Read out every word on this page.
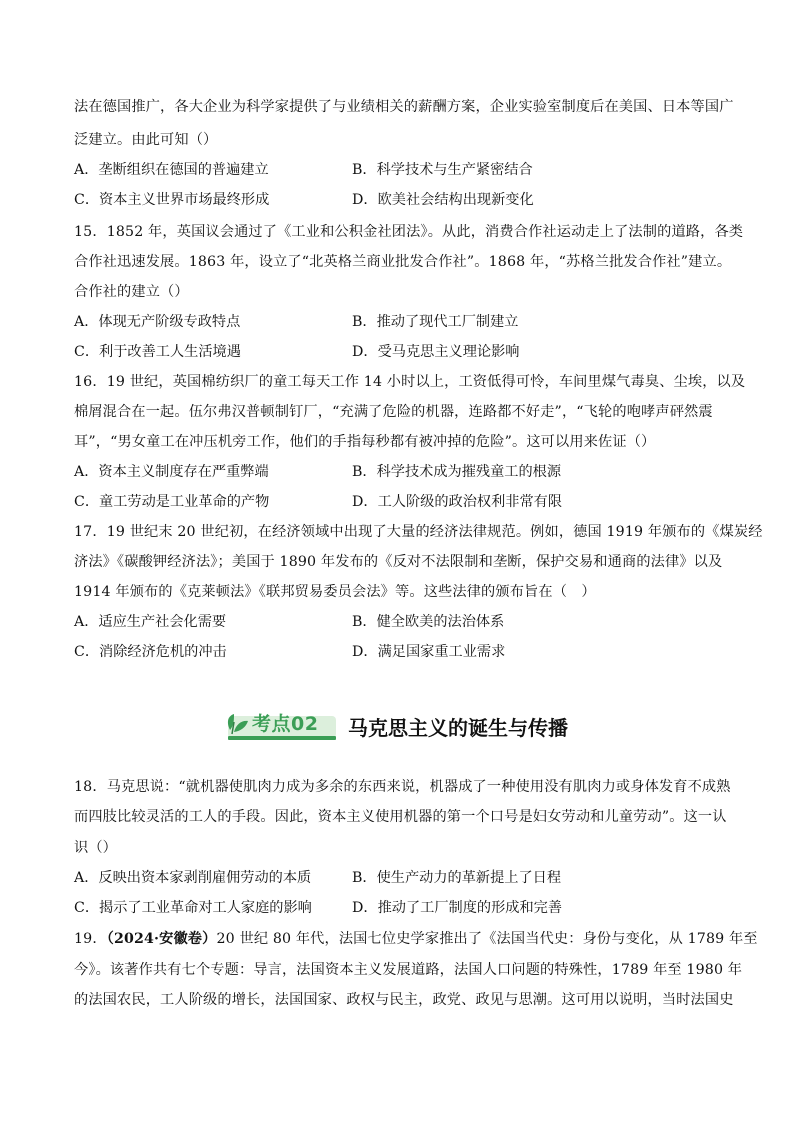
法在德国推广，各大企业为科学家提供了与业绩相关的薪酬方案，企业实验室制度后在美国、日本等国广
泛建立。由此可知（）
A．垄断组织在德国的普遍建立	B．科学技术与生产紧密结合
C．资本主义世界市场最终形成	D．欧美社会结构出现新变化
15．1852 年，英国议会通过了《工业和公积金社团法》。从此，消费合作社运动走上了法制的道路，各类
合作社迅速发展。1863 年，设立了“北英格兰商业批发合作社”。1868 年，“苏格兰批发合作社”建立。
合作社的建立（）
A．体现无产阶级专政特点	B．推动了现代工厂制建立
C．利于改善工人生活境遇	D．受马克思主义理论影响
16．19 世纪，英国棉纺织厂的童工每天工作 14 小时以上，工资低得可怜，车间里煤气毒臭、尘埃，以及
棉屑混合在一起。伍尔弗汉普顿制钉厂，“充满了危险的机器，连路都不好走”，“飞轮的咆哮声砰然震
耳”，“男女童工在冲压机旁工作，他们的手指每秒都有被冲掉的危险”。这可以用来佐证（）
A．资本主义制度存在严重弊端	B．科学技术成为摧残童工的根源
C．童工劳动是工业革命的产物	D．工人阶级的政治权利非常有限
17．19 世纪末 20 世纪初，在经济领域中出现了大量的经济法律规范。例如，德国 1919 年颁布的《煤炭经
济法》《碳酸钾经济法》；美国于 1890 年发布的《反对不法限制和垄断，保护交易和通商的法律》以及
1914 年颁布的《克莱顿法》《联邦贸易委员会法》等。这些法律的颁布旨在（　）
A．适应生产社会化需要	B．健全欧美的法治体系
C．消除经济危机的冲击	D．满足国家重工业需求
考点02 马克思主义的诞生与传播
18．马克思说：“就机器使肌肉力成为多余的东西来说，机器成了一种使用没有肌肉力或身体发育不成熟
而四肢比较灵活的工人的手段。因此，资本主义使用机器的第一个口号是妇女劳动和儿童劳动”。这一认
识（）
A．反映出资本家剥削雇佣劳动的本质	B．使生产动力的革新提上了日程
C．揭示了工业革命对工人家庭的影响	D．推动了工厂制度的形成和完善
19．（2024·安徽卷）20 世纪 80 年代，法国七位史学家推出了《法国当代史：身份与变化，从 1789 年至
今》。该著作共有七个专题：导言，法国资本主义发展道路，法国人口问题的特殊性，1789 年至 1980 年
的法国农民，工人阶级的增长，法国国家、政权与民主，政党、政见与思潮。这可用以说明，当时法国史
